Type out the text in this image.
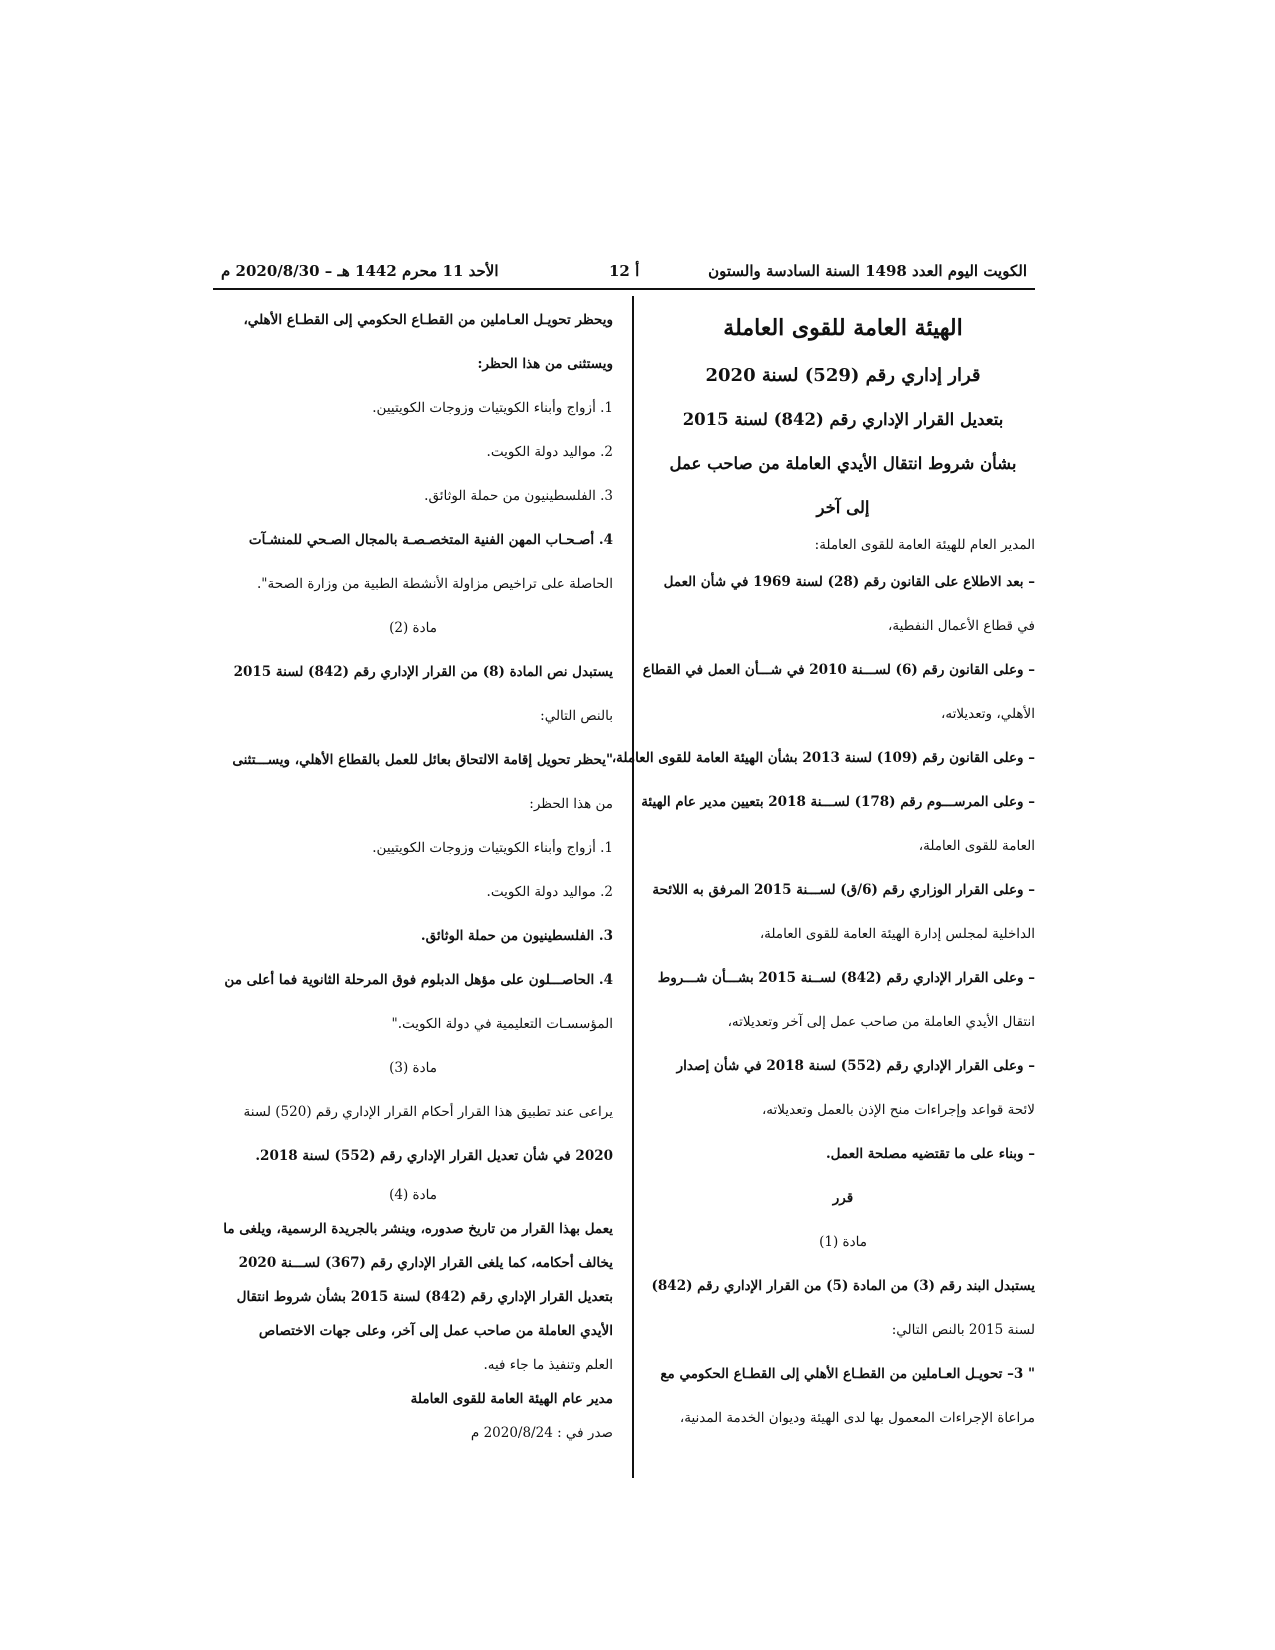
الكويت اليوم العدد 1498 السنة السادسة والستون
أ 12
الأحد 11 محرم 1442 هـ – 2020/8/30 م
الهيئة العامة للقوى العاملة
قرار إداري رقم (529) لسنة 2020
بتعديل القرار الإداري رقم (842) لسنة 2015
بشأن شروط انتقال الأيدي العاملة من صاحب عمل
إلى آخر

المدير العام للهيئة العامة للقوى العاملة:

– بعد الاطلاع على القانون رقم (28) لسنة 1969 في شأن العمل

في قطاع الأعمال النفطية،

– وعلى القانون رقم (6) لســـنة 2010 في شـــأن العمل في القطاع

الأهلي، وتعديلاته،

– وعلى القانون رقم (109) لسنة 2013 بشأن الهيئة العامة للقوى العاملة،

– وعلى المرســـوم رقم (178) لســـنة 2018 بتعيين مدير عام الهيئة

العامة للقوى العاملة،

– وعلى القرار الوزاري رقم (6/ق) لســـنة 2015 المرفق به اللائحة

الداخلية لمجلس إدارة الهيئة العامة للقوى العاملة،

– وعلى القرار الإداري رقم (842) لســنة 2015 بشـــأن شـــروط

انتقال الأيدي العاملة من صاحب عمل إلى آخر وتعديلاته،

– وعلى القرار الإداري رقم (552) لسنة 2018 في شأن إصدار

لائحة قواعد وإجراءات منح الإذن بالعمل وتعديلاته،

– وبناء على ما تقتضيه مصلحة العمل.

قرر

مادة (1)

يستبدل البند رقم (3) من المادة (5) من القرار الإداري رقم (842)

لسنة 2015 بالنص التالي:

" 3– تحويـل العـاملين من القطـاع الأهلي إلى القطـاع الحكومي مع

مراعاة الإجراءات المعمول بها لدى الهيئة وديوان الخدمة المدنية،

ويحظر تحويـل العـاملين من القطـاع الحكومي إلى القطـاع الأهلي،

ويستثنى من هذا الحظر:

1. أزواج وأبناء الكويتيات وزوجات الكويتيين.

2. مواليد دولة الكويت.

3. الفلسطينيون من حملة الوثائق.

4. أصـحـاب المهن الفنية المتخصـصـة بالمجال الصـحي للمنشـآت

الحاصلة على تراخيص مزاولة الأنشطة الطبية من وزارة الصحة".

مادة (2)

يستبدل نص المادة (8) من القرار الإداري رقم (842) لسنة 2015

بالنص التالي:

"يحظر تحويل إقامة الالتحاق بعائل للعمل بالقطاع الأهلي، ويســـتثنى

من هذا الحظر:

1. أزواج وأبناء الكويتيات وزوجات الكويتيين.

2. مواليد دولة الكويت.

3. الفلسطينيون من حملة الوثائق.

4. الحاصـــلون على مؤهل الدبلوم فوق المرحلة الثانوية فما أعلى من

المؤسسـات التعليمية في دولة الكويت."

مادة (3)

يراعى عند تطبيق هذا القرار أحكام القرار الإداري رقم (520) لسنة

2020 في شأن تعديل القرار الإداري رقم (552) لسنة 2018.

مادة (4)

يعمل بهذا القرار من تاريخ صدوره، وينشر بالجريدة الرسمية، ويلغى ما

يخالف أحكامه، كما يلغى القرار الإداري رقم (367) لســـنة 2020

بتعديل القرار الإداري رقم (842) لسنة 2015 بشأن شروط انتقال

الأيدي العاملة من صاحب عمل إلى آخر، وعلى جهات الاختصاص

العلم وتنفيذ ما جاء فيه.

مدير عام الهيئة العامة للقوى العاملة

صدر في : 2020/8/24 م
